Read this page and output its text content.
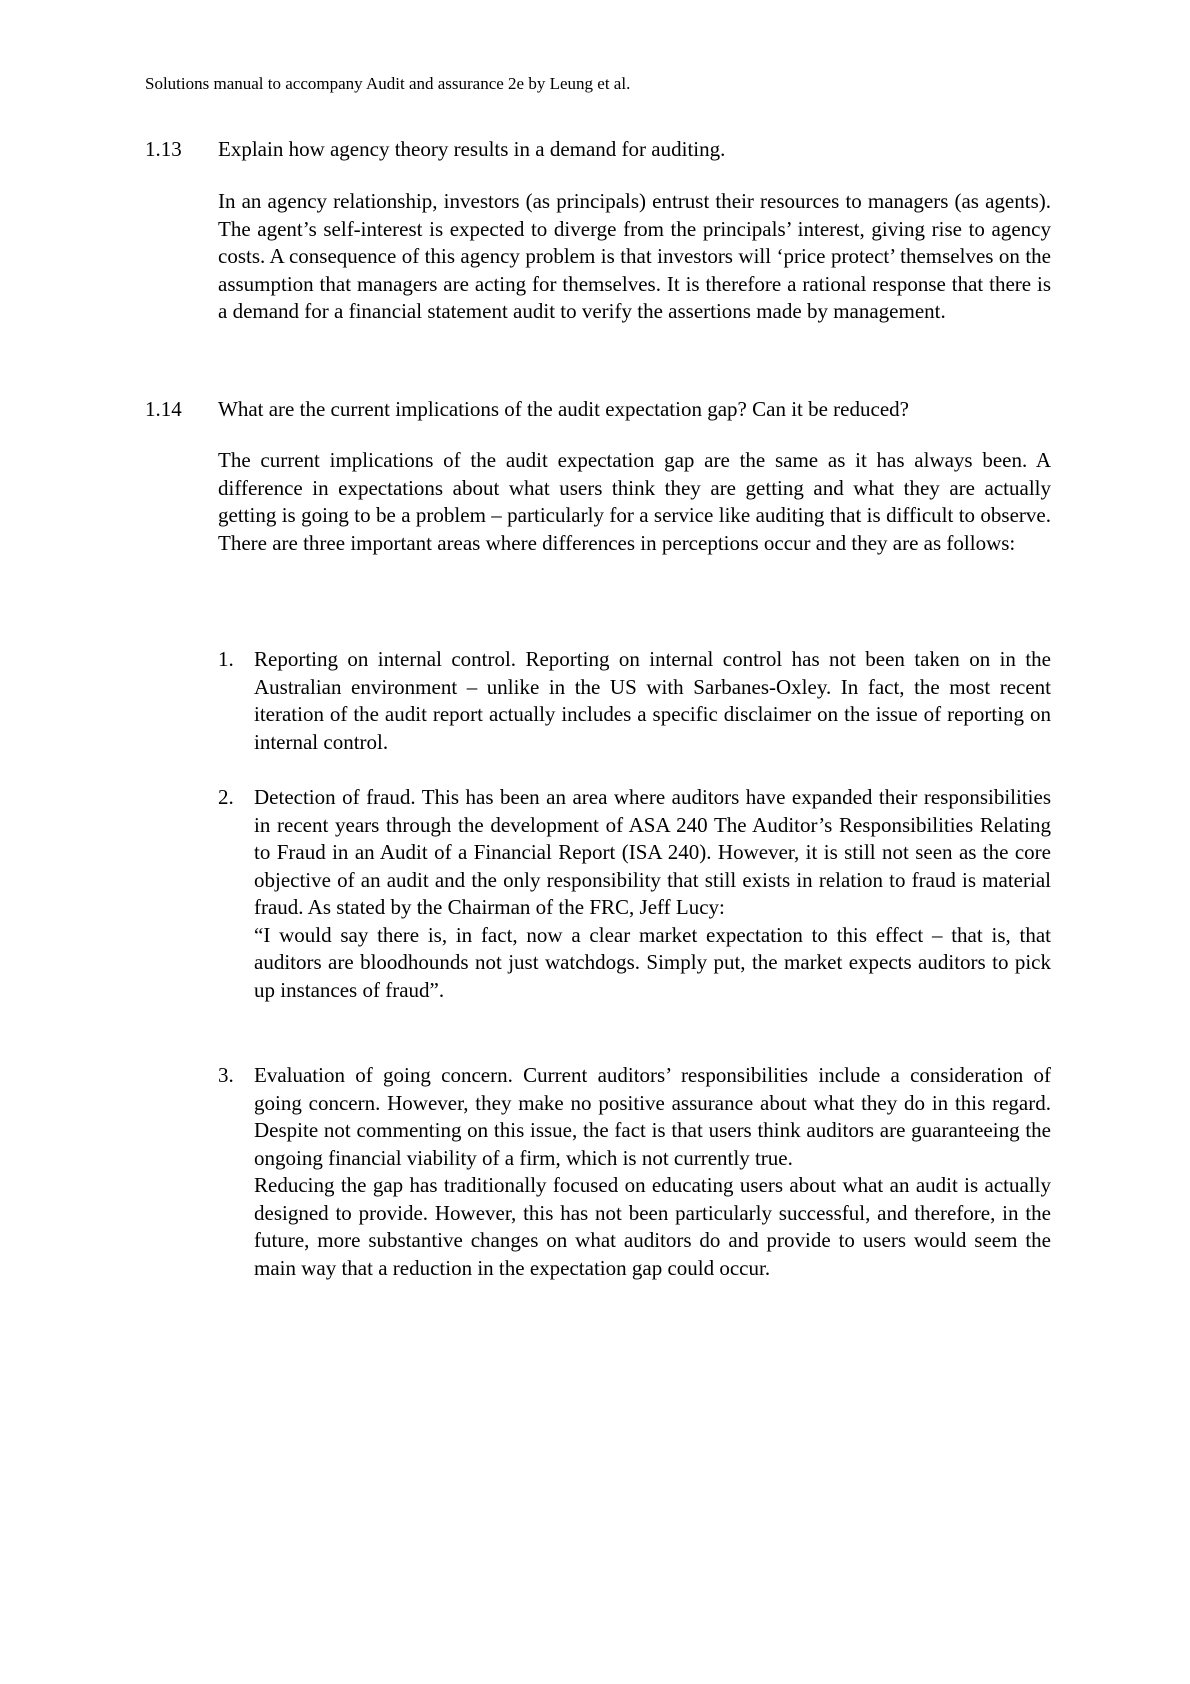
Solutions manual to accompany Audit and assurance 2e by Leung et al.
1.13 Explain how agency theory results in a demand for auditing.

In an agency relationship, investors (as principals) entrust their resources to managers (as agents). The agent’s self-interest is expected to diverge from the principals’ interest, giving rise to agency costs. A consequence of this agency problem is that investors will ‘price protect’ themselves on the assumption that managers are acting for themselves. It is therefore a rational response that there is a demand for a financial statement audit to verify the assertions made by management.

1.14 What are the current implications of the audit expectation gap? Can it be reduced?

The current implications of the audit expectation gap are the same as it has always been. A difference in expectations about what users think they are getting and what they are actually getting is going to be a problem – particularly for a service like auditing that is difficult to observe. There are three important areas where differences in perceptions occur and they are as follows:

1. Reporting on internal control. Reporting on internal control has not been taken on in the Australian environment – unlike in the US with Sarbanes-Oxley. In fact, the most recent iteration of the audit report actually includes a specific disclaimer on the issue of reporting on internal control.

2. Detection of fraud. This has been an area where auditors have expanded their responsibilities in recent years through the development of ASA 240 The Auditor’s Responsibilities Relating to Fraud in an Audit of a Financial Report (ISA 240). However, it is still not seen as the core objective of an audit and the only responsibility that still exists in relation to fraud is material fraud. As stated by the Chairman of the FRC, Jeff Lucy:

“I would say there is, in fact, now a clear market expectation to this effect – that is, that auditors are bloodhounds not just watchdogs. Simply put, the market expects auditors to pick up instances of fraud”.

3. Evaluation of going concern. Current auditors’ responsibilities include a consideration of going concern. However, they make no positive assurance about what they do in this regard. Despite not commenting on this issue, the fact is that users think auditors are guaranteeing the ongoing financial viability of a firm, which is not currently true.

Reducing the gap has traditionally focused on educating users about what an audit is actually designed to provide. However, this has not been particularly successful, and therefore, in the future, more substantive changes on what auditors do and provide to users would seem the main way that a reduction in the expectation gap could occur.
